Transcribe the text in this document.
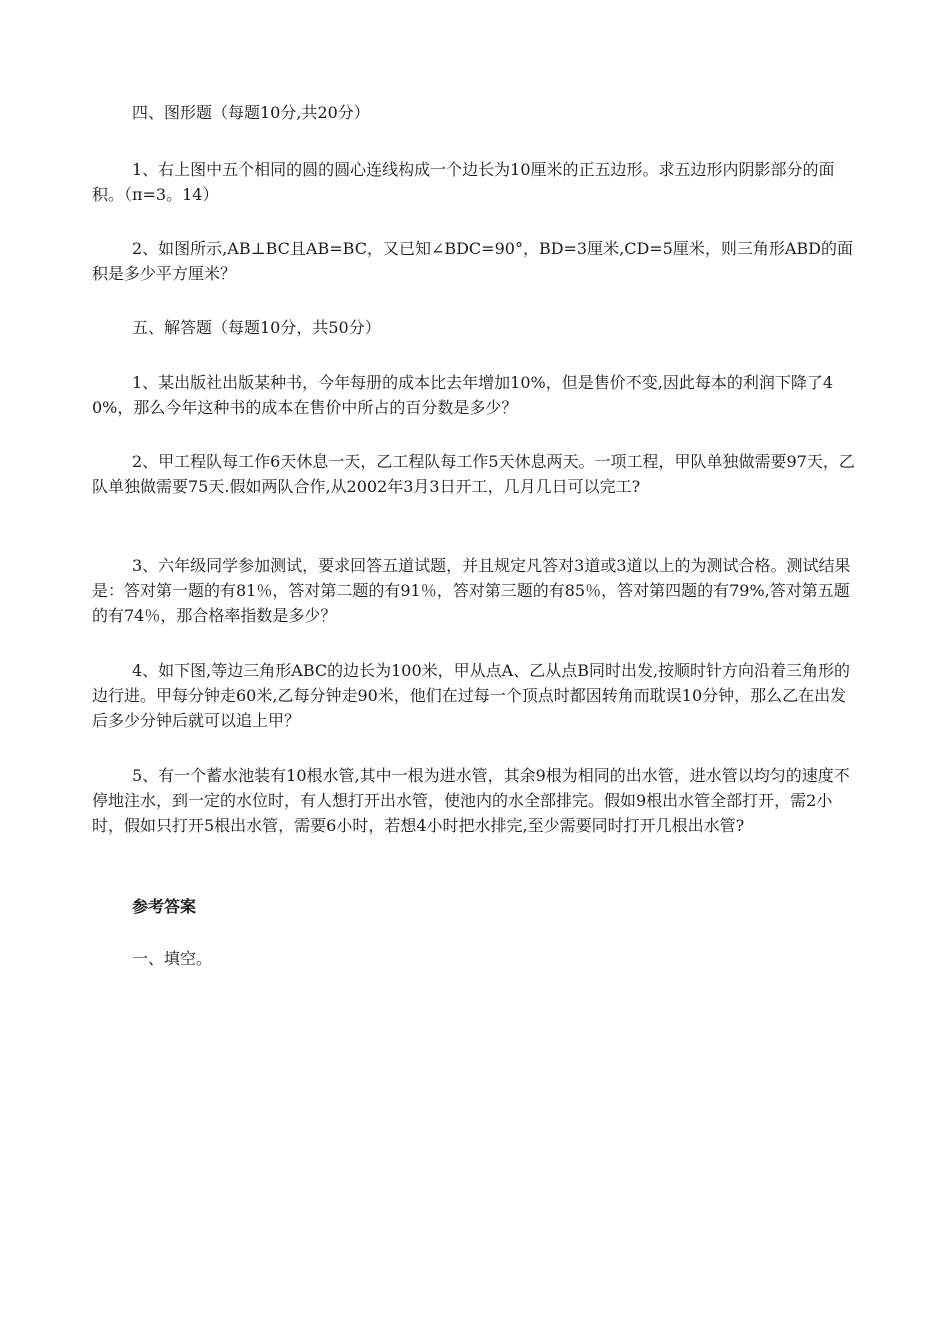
四、图形题（每题10分,共20分）

1、右上图中五个相同的圆的圆心连线构成一个边长为10厘米的正五边形。求五边形内阴影部分的面积。（π=3。14）

2、如图所示,AB⊥BC且AB=BC，又已知∠BDC=90°，BD=3厘米,CD=5厘米，则三角形ABD的面积是多少平方厘米？

五、解答题（每题10分，共50分）

1、某出版社出版某种书，今年每册的成本比去年增加10%，但是售价不变,因此每本的利润下降了40%，那么今年这种书的成本在售价中所占的百分数是多少？

2、甲工程队每工作6天休息一天，乙工程队每工作5天休息两天。一项工程，甲队单独做需要97天，乙队单独做需要75天.假如两队合作,从2002年3月3日开工，几月几日可以完工?

3、六年级同学参加测试，要求回答五道试题，并且规定凡答对3道或3道以上的为测试合格。测试结果是：答对第一题的有81％，答对第二题的有91％，答对第三题的有85％，答对第四题的有79%,答对第五题的有74％，那合格率指数是多少？

4、如下图,等边三角形ABC的边长为100米，甲从点A、乙从点B同时出发,按顺时针方向沿着三角形的边行进。甲每分钟走60米,乙每分钟走90米，他们在过每一个顶点时都因转角而耽误10分钟，那么乙在出发后多少分钟后就可以追上甲？

5、有一个蓄水池装有10根水管,其中一根为进水管，其余9根为相同的出水管，进水管以均匀的速度不停地注水，到一定的水位时，有人想打开出水管，使池内的水全部排完。假如9根出水管全部打开，需2小时，假如只打开5根出水管，需要6小时，若想4小时把水排完,至少需要同时打开几根出水管?

参考答案

一、填空。
